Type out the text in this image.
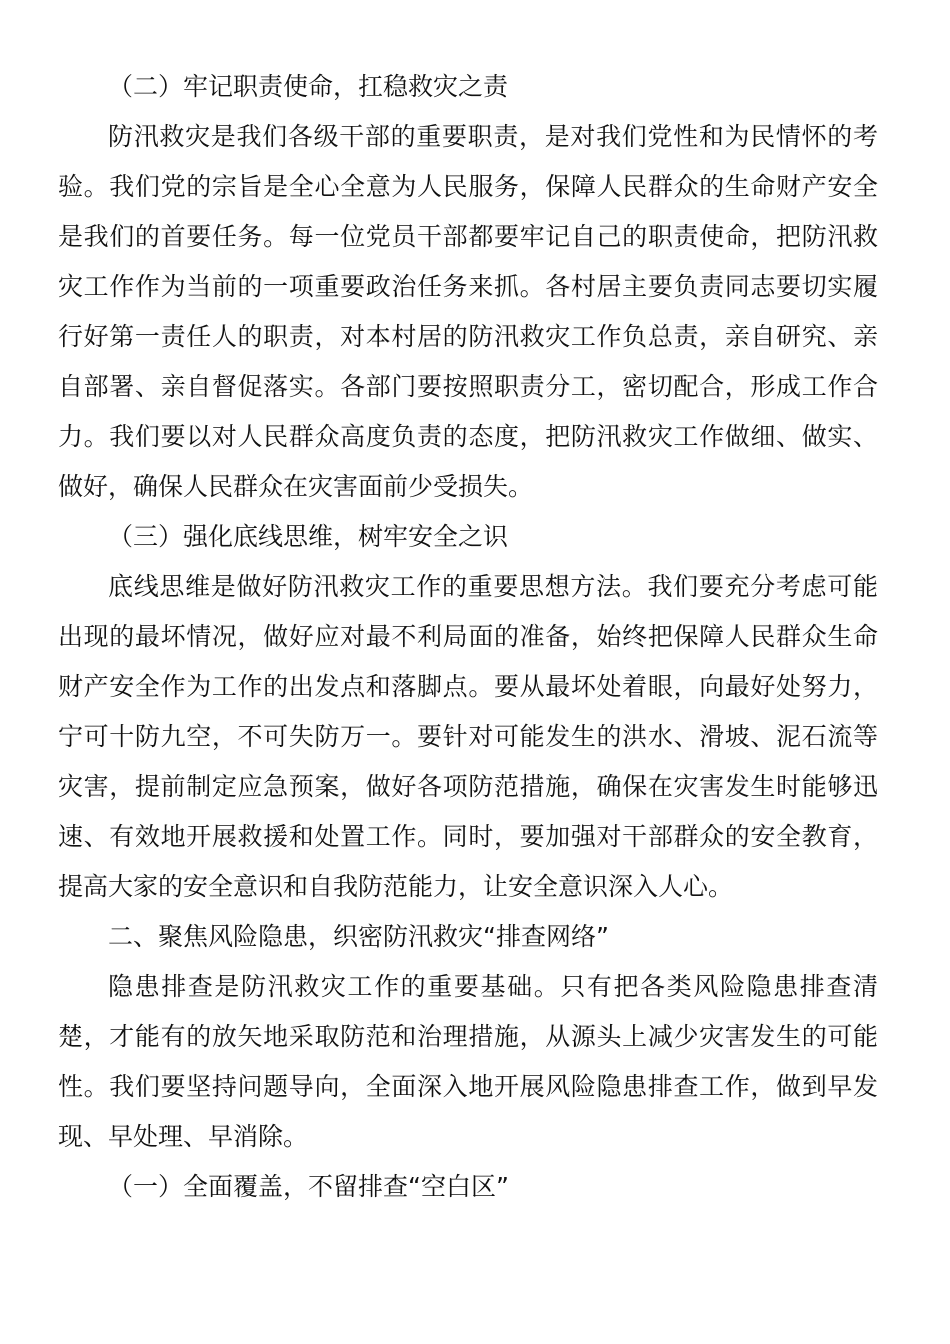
（二）牢记职责使命，扛稳救灾之责

防汛救灾是我们各级干部的重要职责，是对我们党性和为民情怀的考验。我们党的宗旨是全心全意为人民服务，保障人民群众的生命财产安全是我们的首要任务。每一位党员干部都要牢记自己的职责使命，把防汛救灾工作作为当前的一项重要政治任务来抓。各村居主要负责同志要切实履行好第一责任人的职责，对本村居的防汛救灾工作负总责，亲自研究、亲自部署、亲自督促落实。各部门要按照职责分工，密切配合，形成工作合力。我们要以对人民群众高度负责的态度，把防汛救灾工作做细、做实、做好，确保人民群众在灾害面前少受损失。

（三）强化底线思维，树牢安全之识

底线思维是做好防汛救灾工作的重要思想方法。我们要充分考虑可能出现的最坏情况，做好应对最不利局面的准备，始终把保障人民群众生命财产安全作为工作的出发点和落脚点。要从最坏处着眼，向最好处努力，宁可十防九空，不可失防万一。要针对可能发生的洪水、滑坡、泥石流等灾害，提前制定应急预案，做好各项防范措施，确保在灾害发生时能够迅速、有效地开展救援和处置工作。同时，要加强对干部群众的安全教育，提高大家的安全意识和自我防范能力，让安全意识深入人心。

二、聚焦风险隐患，织密防汛救灾“排查网络”

隐患排查是防汛救灾工作的重要基础。只有把各类风险隐患排查清楚，才能有的放矢地采取防范和治理措施，从源头上减少灾害发生的可能性。我们要坚持问题导向，全面深入地开展风险隐患排查工作，做到早发现、早处理、早消除。

（一）全面覆盖，不留排查“空白区”
